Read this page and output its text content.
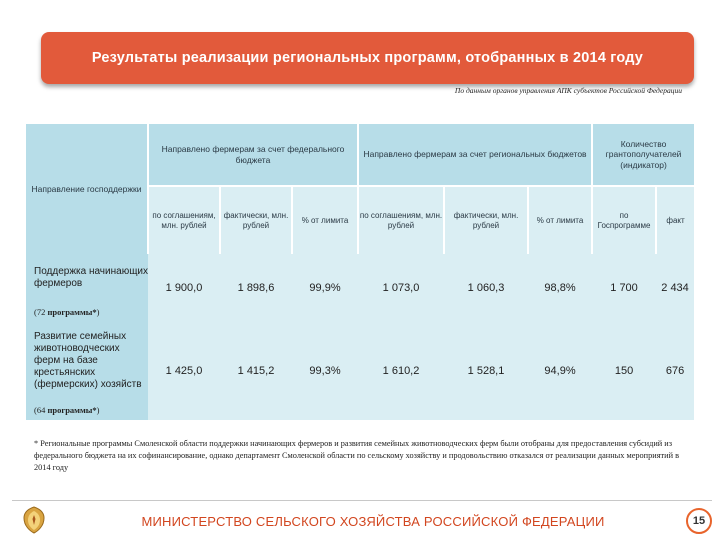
Результаты реализации региональных программ, отобранных в 2014 году
По данным органов управления АПК субъектов Российской Федерации
Направление господдержки	Направлено фермерам за счет федерального бюджета			Направлено фермерам за счет региональных бюджетов			Количество грантополучателей (индикатор)	
	по соглашениям, млн. рублей	фактически, млн. рублей	% от лимита	по соглашениям, млн. рублей	фактически, млн. рублей	% от лимита	по Госпрограмме	факт
Поддержка начинающих фермеров	1 900,0	1 898,6	99,9%	1 073,0	1 060,3	98,8%	1 700	2 434
(72 программы*)								
Развитие семейных животноводческих ферм на базе крестьянских (фермерских) хозяйств	1 425,0	1 415,2	99,3%	1 610,2	1 528,1	94,9%	150	676
(64 программы*)								
* Региональные программы Смоленской области поддержки начинающих фермеров и развития семейных животноводческих ферм были отобраны для предоставления субсидий из федерального бюджета на их софинансирование, однако департамент Смоленской области по сельскому хозяйству и продовольствию отказался от реализации данных мероприятий в 2014 году
МИНИСТЕРСТВО СЕЛЬСКОГО ХОЗЯЙСТВА РОССИЙСКОЙ ФЕДЕРАЦИИ	15
